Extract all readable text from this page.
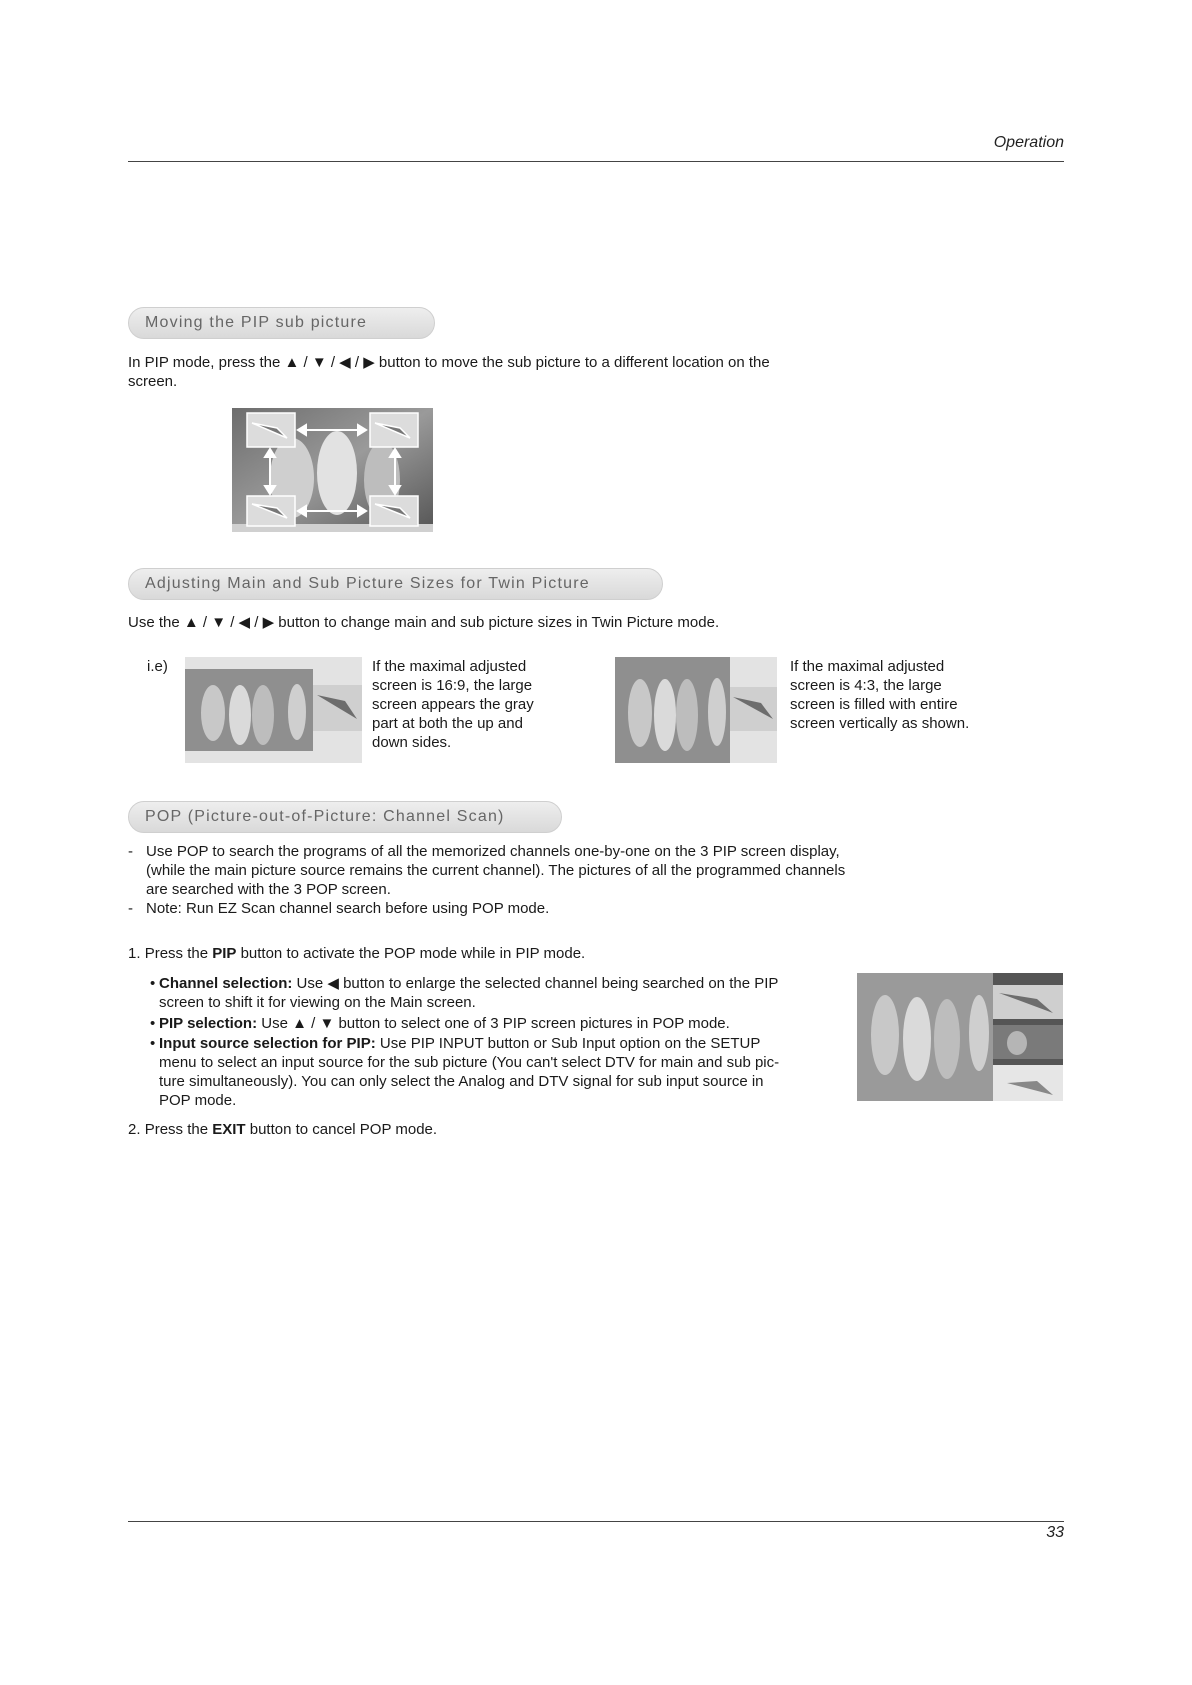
Operation
Moving the PIP sub picture
In PIP mode, press the ▲ / ▼ / ◀ / ▶ button to move the sub picture to a different location on the
screen.
Adjusting Main and Sub Picture Sizes for Twin Picture
Use the ▲ / ▼ / ◀ / ▶ button to change main and sub picture sizes in Twin Picture mode.
i.e)	If the maximal adjusted
screen is 16:9, the large
screen appears the gray
part at both the up and
down sides.
If the maximal adjusted
screen is 4:3, the large
screen is filled with entire
screen vertically as shown.
POP (Picture-out-of-Picture: Channel Scan)
- Use POP to search the programs of all the memorized channels one-by-one on the 3 PIP screen display,
(while the main picture source remains the current channel). The pictures of all the programmed channels
are searched with the 3 POP screen.
- Note: Run EZ Scan channel search before using POP mode.
1. Press the PIP button to activate the POP mode while in PIP mode.
• Channel selection: Use ◀ button to enlarge the selected channel being searched on the PIP
screen to shift it for viewing on the Main screen.
• PIP selection: Use ▲ / ▼ button to select one of 3 PIP screen pictures in POP mode.
• Input source selection for PIP: Use PIP INPUT button or Sub Input option on the SETUP
menu to select an input source for the sub picture (You can't select DTV for main and sub pic-
ture simultaneously). You can only select the Analog and DTV signal for sub input source in
POP mode.
2. Press the EXIT button to cancel POP mode.
33
